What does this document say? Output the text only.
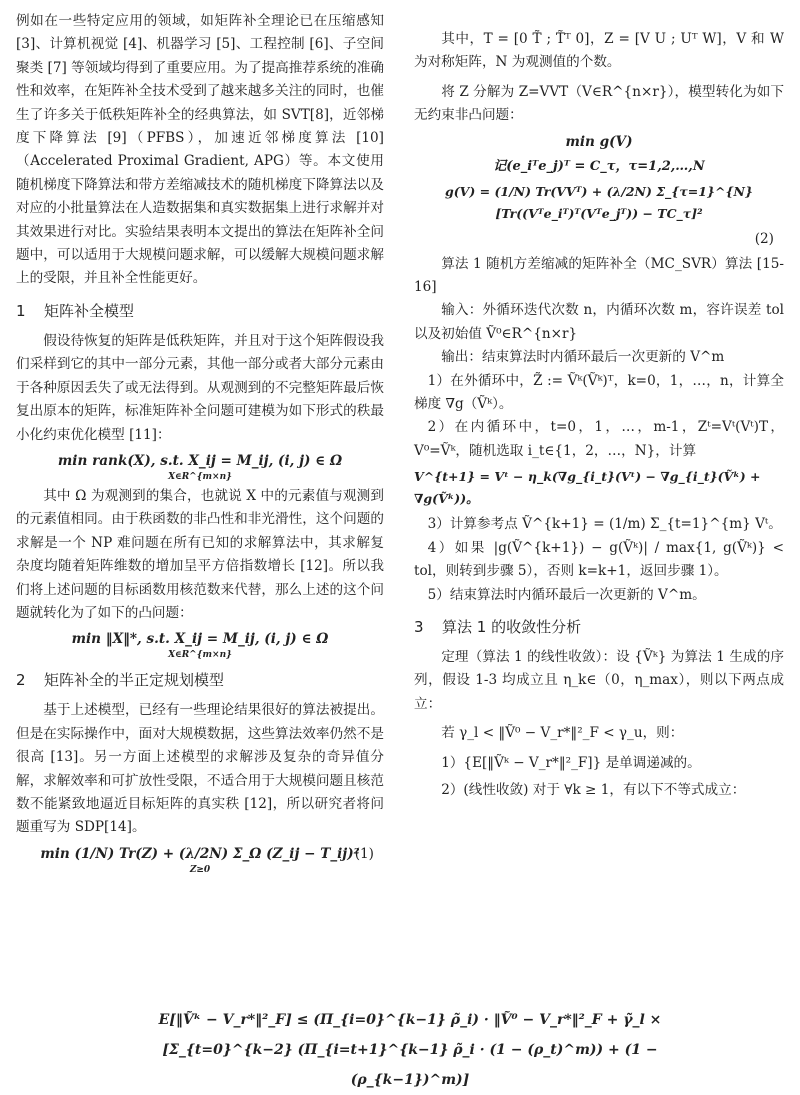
例如在一些特定应用的领域，如矩阵补全理论已在压缩感知 [3]、计算机视觉 [4]、机器学习 [5]、工程控制 [6]、子空间聚类 [7] 等领域均得到了重要应用。为了提高推荐系统的准确性和效率，在矩阵补全技术受到了越来越多关注的同时，也催生了许多关于低秩矩阵补全的经典算法，如 SVT[8]，近邻梯度下降算法 [9]（PFBS），加速近邻梯度算法 [10]（Accelerated Proximal Gradient, APG）等。本文使用随机梯度下降算法和带方差缩减技术的随机梯度下降算法以及对应的小批量算法在人造数据集和真实数据集上进行求解并对其效果进行对比。实验结果表明本文提出的算法在矩阵补全问题中，可以适用于大规模问题求解，可以缓解大规模问题求解上的受限，并且补全性能更好。

1 矩阵补全模型

假设待恢复的矩阵是低秩矩阵，并且对于这个矩阵假设我们采样到它的其中一部分元素，其他一部分或者大部分元素由于各种原因丢失了或无法得到。从观测到的不完整矩阵最后恢复出原本的矩阵，标准矩阵补全问题可建模为如下形式的秩最小化约束优化模型 [11]：

min rank(X), s.t. X_ij = M_ij, (i, j) ∈ Ω
X∈R^{m×n}

其中 Ω 为观测到的集合，也就说 X 中的元素值与观测到的元素值相同。由于秩函数的非凸性和非光滑性，这个问题的求解是一个 NP 难问题在所有已知的求解算法中，其求解复杂度均随着矩阵维数的增加呈平方倍指数增长 [12]。所以我们将上述问题的目标函数用核范数来代替，那么上述的这个问题就转化为了如下的凸问题：

min ‖X‖*, s.t. X_ij = M_ij, (i, j) ∈ Ω
X∈R^{m×n}
2 矩阵补全的半正定规划模型

基于上述模型，已经有一些理论结果很好的算法被提出。但是在实际操作中，面对大规模数据，这些算法效率仍然不是很高 [13]。另一方面上述模型的求解涉及复杂的奇异值分解，求解效率和可扩放性受限，不适合用于大规模问题且核范数不能紧致地逼近目标矩阵的真实秩 [12]，所以研究者将问题重写为 SDP[14]。

min (1/N) Tr(Z) + (λ/2N) Σ_Ω (Z_ij − T_ij)²
(1)
Z≥0

其中，T = [0 T̃ ; T̃ᵀ 0]，Z = [V U ; Uᵀ W]，V 和 W 为对称矩阵，N 为观测值的个数。

将 Z 分解为 Z=VVT（V∈R^{n×r}），模型转化为如下无约束非凸问题：

min g(V)
记(e_iᵀe_j)ᵀ = C_τ，τ=1,2,…,N
g(V) = (1/N) Tr(VVᵀ) + (λ/2N) Σ_{τ=1}^{N} [Tr((Vᵀe_iᵀ)ᵀ(Vᵀe_jᵀ)) − TC_τ]²
(2)

算法 1 随机方差缩减的矩阵补全（MC_SVR）算法 [15-16]

输入：外循环迭代次数 n，内循环次数 m，容许误差 tol 以及初始值 Ṽ⁰∈R^{n×r}

输出：结束算法时内循环最后一次更新的 V^m

1）在外循环中，Z̃ := Ṽᵏ(Ṽᵏ)ᵀ，k=0，1，…，n，计算全梯度 ∇g（Ṽᵏ）。

2）在内循环中，t=0，1，…，m-1，Zᵗ=Vᵗ(Vᵗ)T，V⁰=Ṽᵏ，随机选取 i_t∈{1，2，…，N}，计算

V^{t+1} = Vᵗ − η_k(∇g_{i_t}(Vᵗ) − ∇g_{i_t}(Ṽᵏ) + ∇g(Ṽᵏ))。

3）计算参考点 Ṽ^{k+1} = (1/m) Σ_{t=1}^{m} Vᵗ。

4）如果 |g(Ṽ^{k+1}) − g(Ṽᵏ)| / max{1, g(Ṽᵏ)} < tol，则转到步骤 5），否则 k=k+1，返回步骤 1）。

5）结束算法时内循环最后一次更新的 V^m。

3 算法 1 的收敛性分析

定理（算法 1 的线性收敛）：设 {Ṽᵏ} 为算法 1 生成的序列，假设 1-3 均成立且 η_k∈（0，η_max），则以下两点成立：

若 γ_l < ‖Ṽ⁰ − V_r*‖²_F < γ_u，则：

1）{E[‖Ṽᵏ − V_r*‖²_F]} 是单调递减的。

2）(线性收敛) 对于 ∀k ≥ 1，有以下不等式成立：

E[‖Ṽᵏ − V_r*‖²_F] ≤ (Π_{i=0}^{k−1} ρ̃_i) · ‖Ṽ⁰ − V_r*‖²_F + γ̃_l × [Σ_{t=0}^{k−2} (Π_{i=t+1}^{k−1} ρ̃_i · (1 − (ρ_t)^m)) + (1 − (ρ_{k−1})^m)]
